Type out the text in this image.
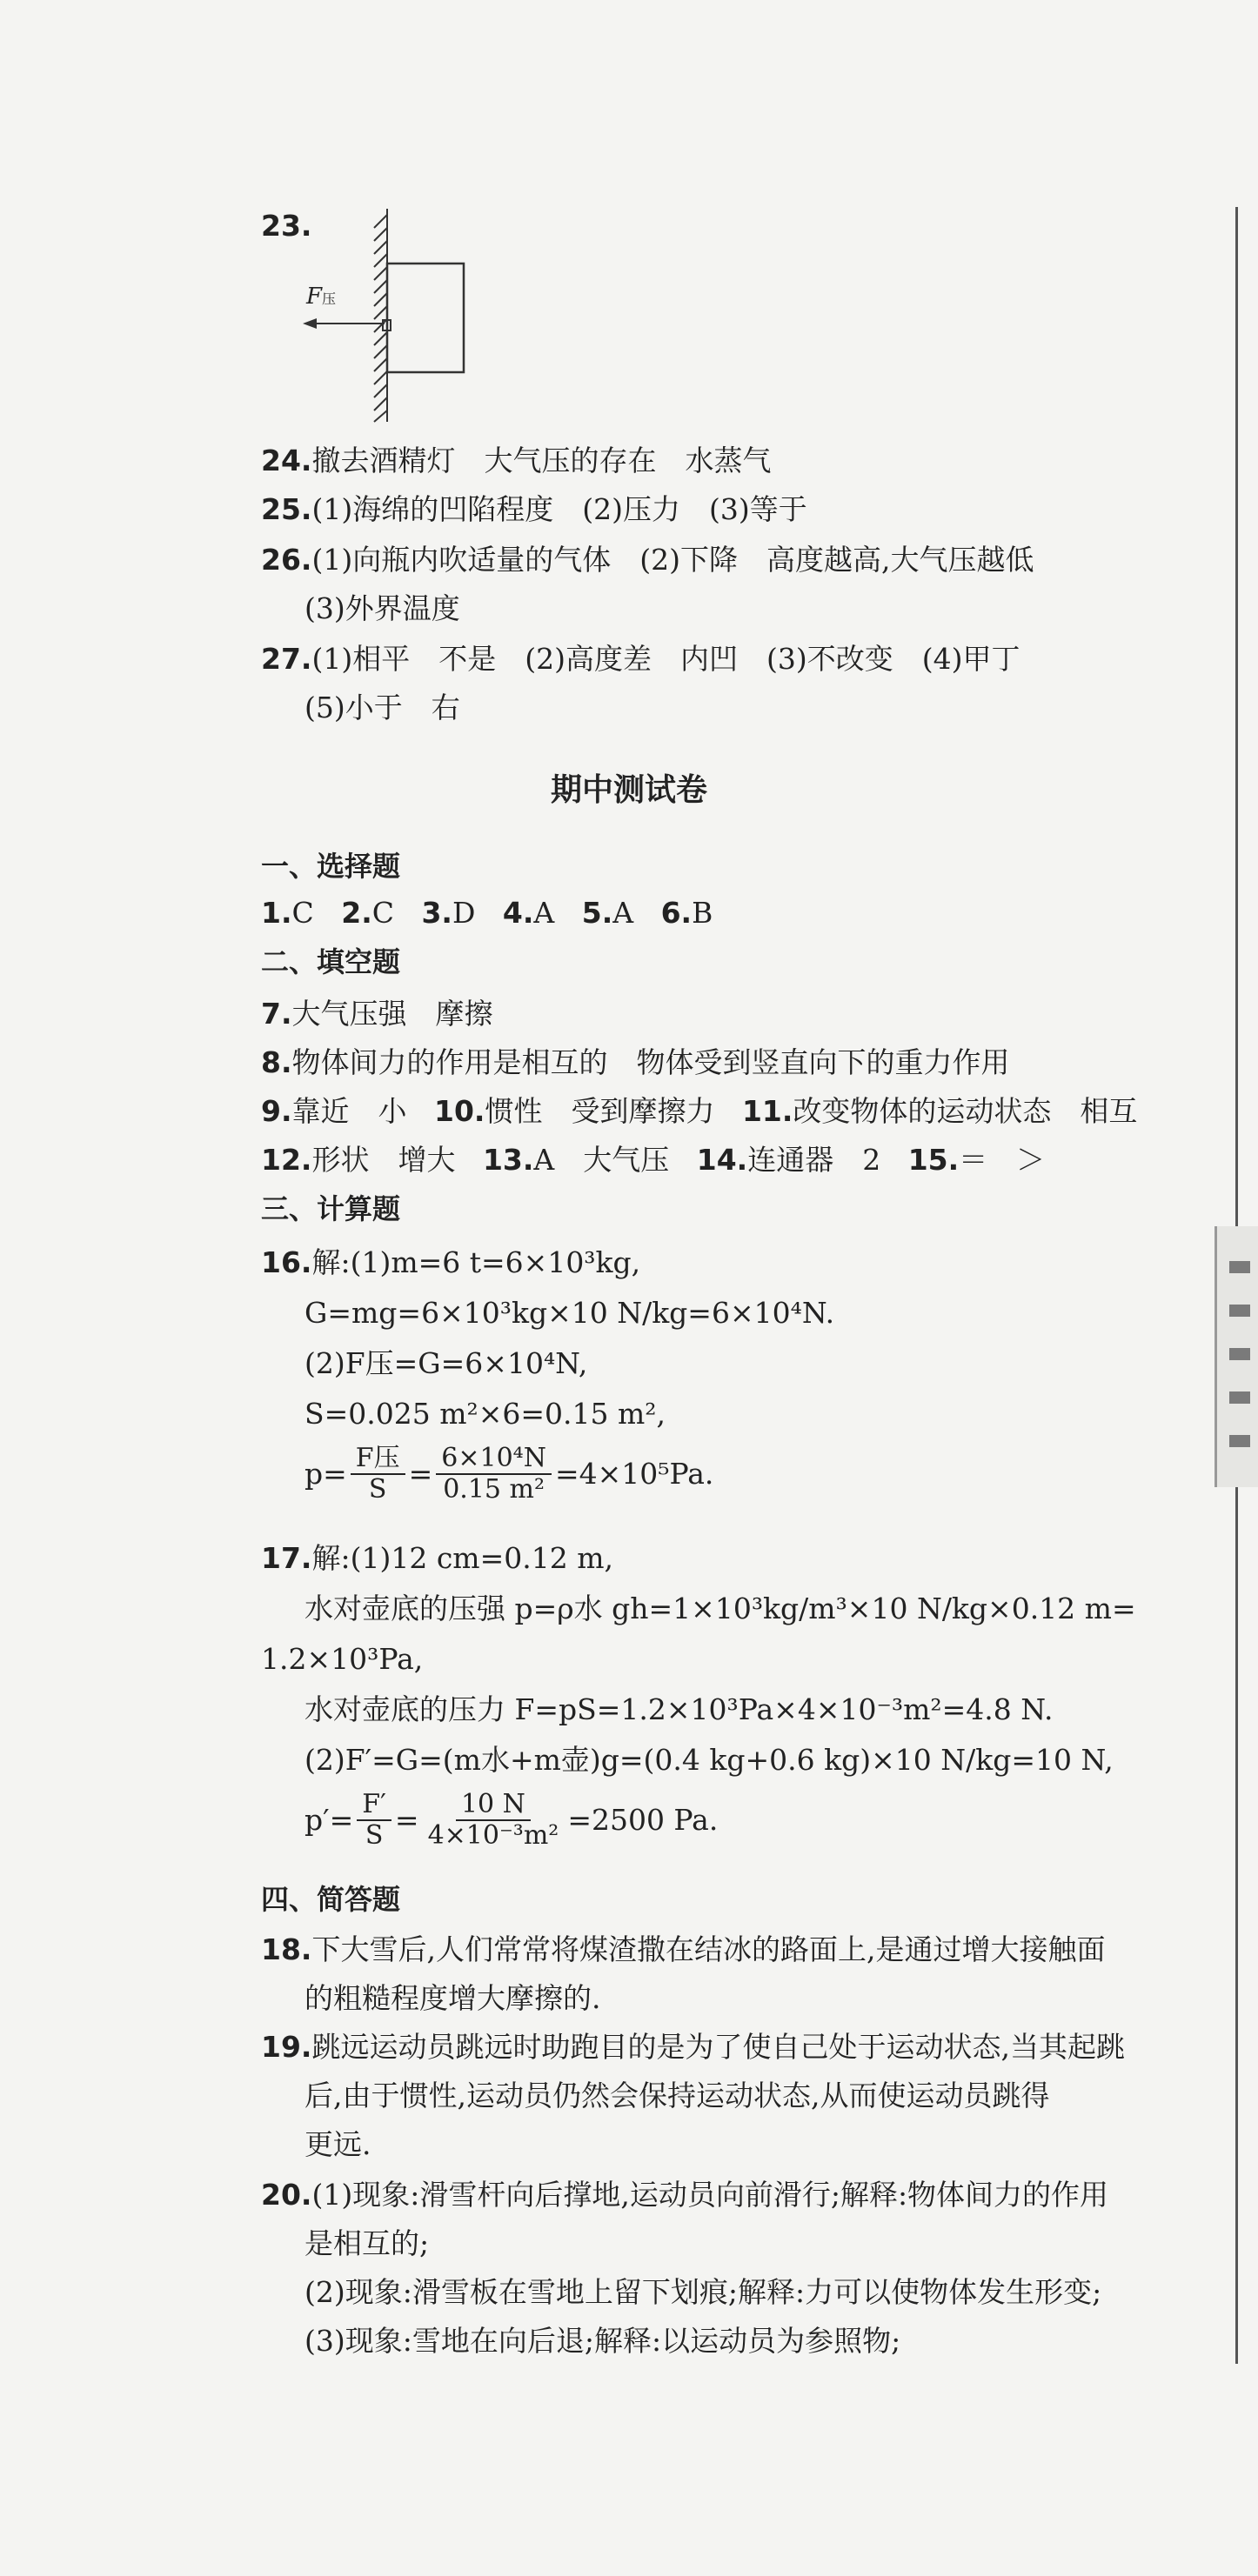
23.
F压
24.撤去酒精灯　大气压的存在　水蒸气
25.(1)海绵的凹陷程度　(2)压力　(3)等于
26.(1)向瓶内吹适量的气体　(2)下降　高度越高,大气压越低
(3)外界温度
27.(1)相平　不是　(2)高度差　内凹　(3)不改变　(4)甲丁
(5)小于　右
期中测试卷
一、选择题
1.C 2.C 3.D 4.A 5.A 6.B
二、填空题
7.大气压强　摩擦
8.物体间力的作用是相互的　物体受到竖直向下的重力作用
9.靠近　小 10.惯性　受到摩擦力 11.改变物体的运动状态　相互
12.形状　增大 13.A　大气压 14.连通器　2 15.＝　＞
三、计算题
16.解:(1)m=6 t=6×10³kg,
G=mg=6×10³kg×10 N/kg=6×10⁴N.
(2)F压=G=6×10⁴N,
S=0.025 m²×6=0.15 m²,
$p= \frac{\text{F压}}{S} = \frac{\text{6×10⁴N}}{\text{0.15 m²}} =4\times 10^5Pa$.
17.解:(1)12 cm=0.12 m,
水对壶底的压强 p=ρ水 gh=1×10³kg/m³×10 N/kg×0.12 m=
1.2×10³Pa,
水对壶底的压力 F=pS=1.2×10³Pa×4×10⁻³m²=4.8 N.
(2)F′=G=(m水+m壶)g=(0.4 kg+0.6 kg)×10 N/kg=10 N,
$p'= \frac{F'}{S} = \frac{10 N}{\text{4×10⁻³m²}} =2500$ Pa.
四、简答题
18.下大雪后,人们常常将煤渣撒在结冰的路面上,是通过增大接触面
的粗糙程度增大摩擦的.
19.跳远运动员跳远时助跑目的是为了使自己处于运动状态,当其起跳
后,由于惯性,运动员仍然会保持运动状态,从而使运动员跳得
更远.
20.(1)现象:滑雪杆向后撑地,运动员向前滑行;解释:物体间力的作用
是相互的;
(2)现象:滑雪板在雪地上留下划痕;解释:力可以使物体发生形变;
(3)现象:雪地在向后退;解释:以运动员为参照物;
